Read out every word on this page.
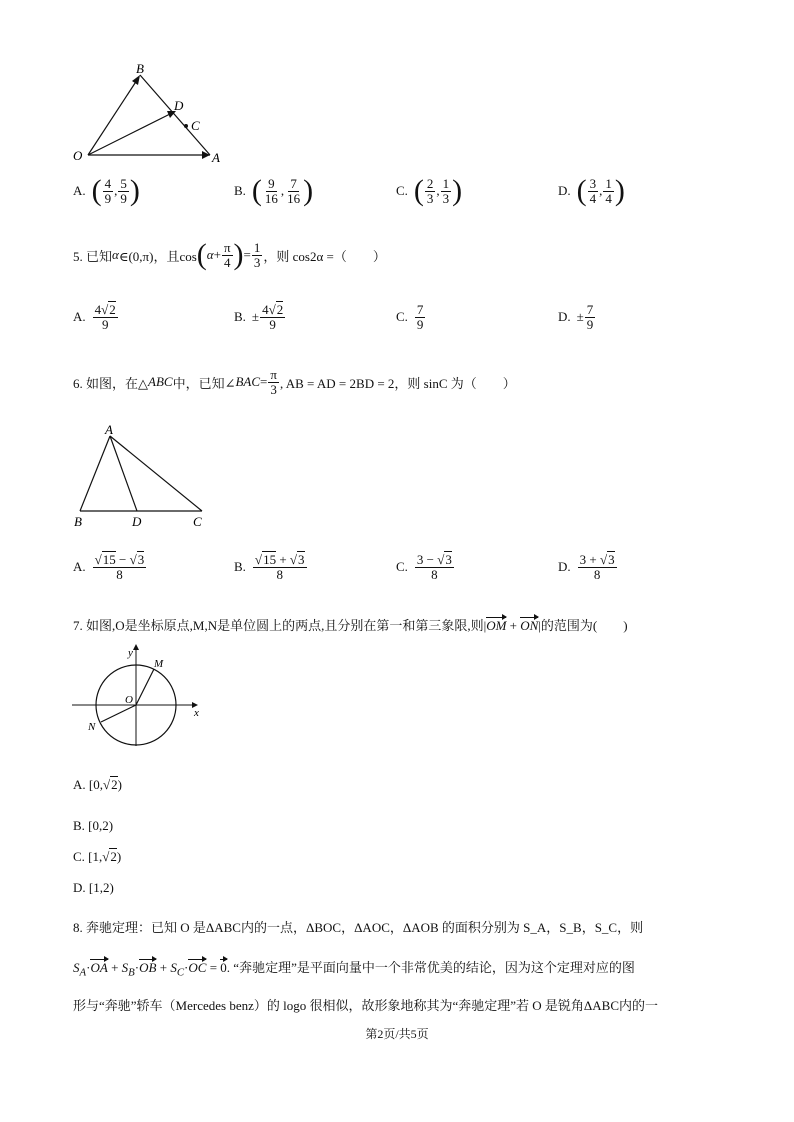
B
D
C
O	A
A. ( $\frac{4}{9}$ , $\frac{5}{9}$ )	B. ( $\frac{9}{16}$ , $\frac{7}{16}$ )	C. ( $\frac{2}{3}$ , $\frac{1}{3}$ )	D. ( $\frac{3}{4}$ , $\frac{1}{4}$ )
5. 已知 α ∈(0,π)，且cos ( $\alpha + \frac{\pi}{4}$ ) = $\frac{1}{3}$ ，则 cos2α =（　　）
A. $\frac{4√2}{9}$	B. ± $\frac{4√2}{9}$	C. $\frac{7}{9}$	D. ± $\frac{7}{9}$
6. 如图，在△ ABC 中，已知∠ BAC = $\frac{\pi}{3}$ , AB = AD = 2BD = 2，则 sinC 为（　　）
A
B	D	C
A. $\frac{√15 - √3}{8}$	B. $\frac{√15 + √3}{8}$	C. $\frac{3 - √3}{8}$	D. $\frac{3 + √3}{8}$
7. 如图,O是坐标原点,M,N是单位圆上的两点,且分别在第一和第三象限,则|OM + ON|的范围为(　　)
y
M
O
N
x
A. [0,√2)
B. [0,2)
C. [1,√2)
D. [1,2)
8. 奔驰定理：已知 O 是ΔABC内的一点，ΔBOC，ΔAOC，ΔAOB 的面积分别为 S_A，S_B，S_C，则
$S_A\cdot OA + S_B\cdot OB + S_C\cdot OC = 0$. “奔驰定理”是平面向量中一个非常优美的结论，因为这个定理对应的图
形与“奔驰”轿车（Mercedes benz）的 logo 很相似，故形象地称其为“奔驰定理”若 O 是锐角ΔABC内的一
第2页/共5页
